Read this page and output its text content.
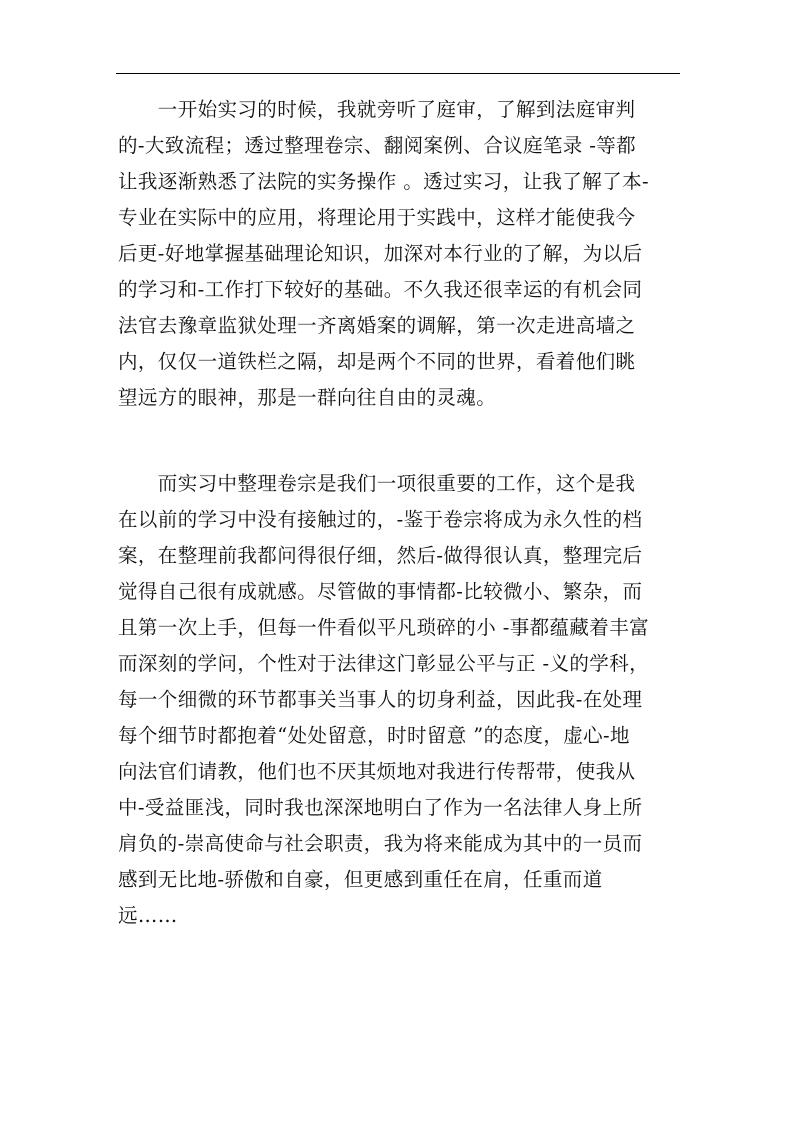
　　一开始实习的时候，我就旁听了庭审，了解到法庭审判
的-大致流程；透过整理卷宗、翻阅案例、合议庭笔录 -等都
让我逐渐熟悉了法院的实务操作 。透过实习，让我了解了本-
专业在实际中的应用，将理论用于实践中，这样才能使我今
后更-好地掌握基础理论知识，加深对本行业的了解，为以后
的学习和-工作打下较好的基础。不久我还很幸运的有机会同
法官去豫章监狱处理一齐离婚案的调解，第一次走进高墙之
内，仅仅一道铁栏之隔，却是两个不同的世界，看着他们眺
望远方的眼神，那是一群向往自由的灵魂。
　　而实习中整理卷宗是我们一项很重要的工作，这个是我
在以前的学习中没有接触过的，-鉴于卷宗将成为永久性的档
案，在整理前我都问得很仔细，然后-做得很认真，整理完后
觉得自己很有成就感。尽管做的事情都-比较微小、繁杂，而
且第一次上手，但每一件看似平凡琐碎的小 -事都蕴藏着丰富
而深刻的学问，个性对于法律这门彰显公平与正 -义的学科，
每一个细微的环节都事关当事人的切身利益，因此我-在处理
每个细节时都抱着“处处留意，时时留意 ”的态度，虚心-地
向法官们请教，他们也不厌其烦地对我进行传帮带，使我从
中-受益匪浅，同时我也深深地明白了作为一名法律人身上所
肩负的-崇高使命与社会职责，我为将来能成为其中的一员而
感到无比地-骄傲和自豪，但更感到重任在肩，任重而道
远……
